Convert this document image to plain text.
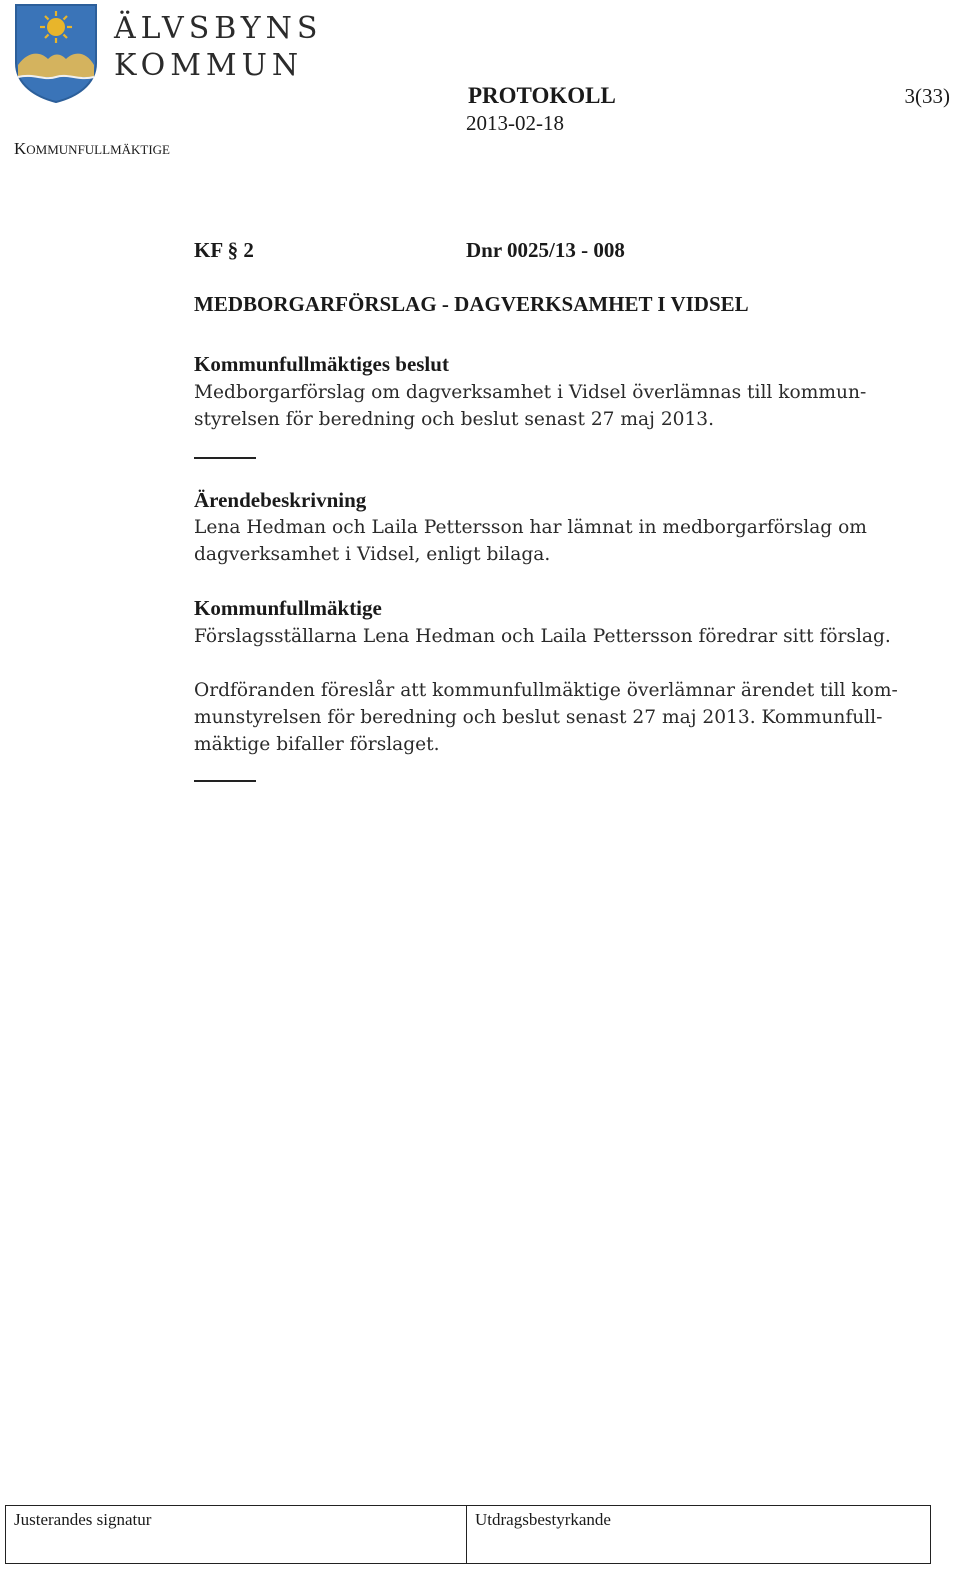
ÄLVSBYNS
KOMMUN
PROTOKOLL	3(33)
2013-02-18
KOMMUNFULLMÄKTIGE
KF § 2	Dnr 0025/13 - 008
MEDBORGARFÖRSLAG - DAGVERKSAMHET I VIDSEL
Kommunfullmäktiges beslut
Medborgarförslag om dagverksamhet i Vidsel överlämnas till kommun-
styrelsen för beredning och beslut senast 27 maj 2013.
Ärendebeskrivning
Lena Hedman och Laila Pettersson har lämnat in medborgarförslag om
dagverksamhet i Vidsel, enligt bilaga.
Kommunfullmäktige
Förslagsställarna Lena Hedman och Laila Pettersson föredrar sitt förslag.
Ordföranden föreslår att kommunfullmäktige överlämnar ärendet till kom-
munstyrelsen för beredning och beslut senast 27 maj 2013. Kommunfull-
mäktige bifaller förslaget.
Justerandes signatur	Utdragsbestyrkande
